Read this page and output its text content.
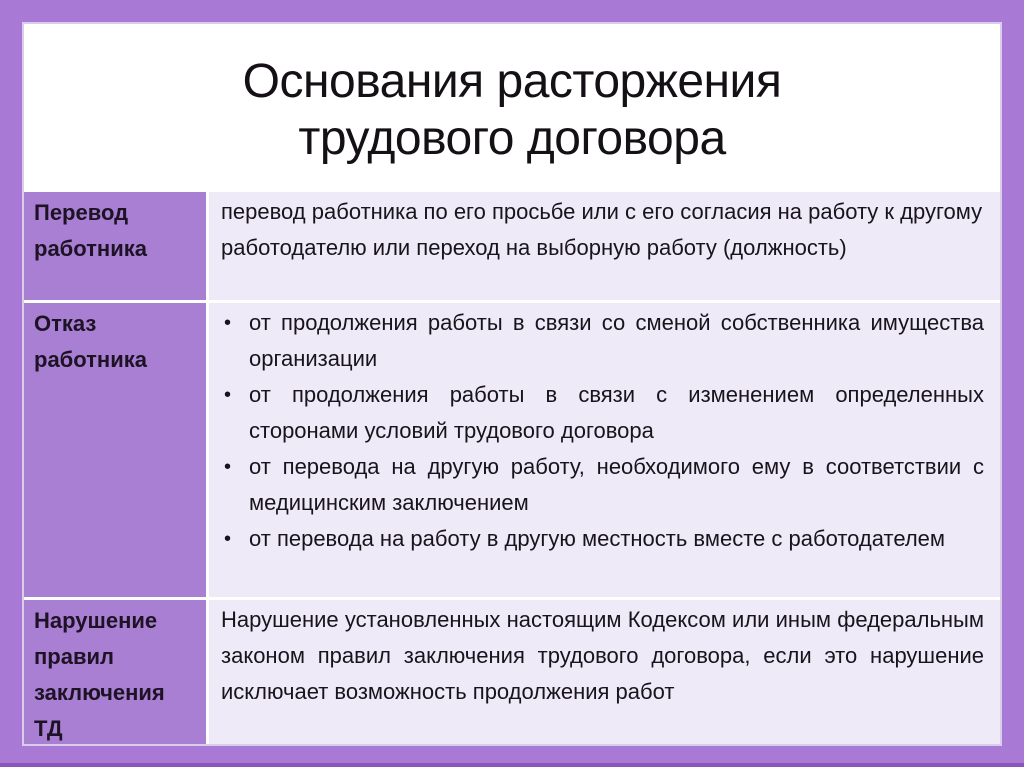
Основания расторжения
трудового договора
Перевод работника
перевод работника по его просьбе или с его согласия на работу к другому работодателю или переход на выборную работу (должность)
Отказ работника
• от продолжения работы в связи со сменой собственника имущества организации
• от продолжения работы в связи с изменением определенных сторонами условий трудового договора
• от перевода на другую работу, необходимого ему в соответствии с медицинским заключением
• от перевода на работу в другую местность вместе с работодателем
Нарушение правил заключения ТД
Нарушение установленных настоящим Кодексом или иным федеральным законом правил заключения трудового договора, если это нарушение исключает возможность продолжения работ
